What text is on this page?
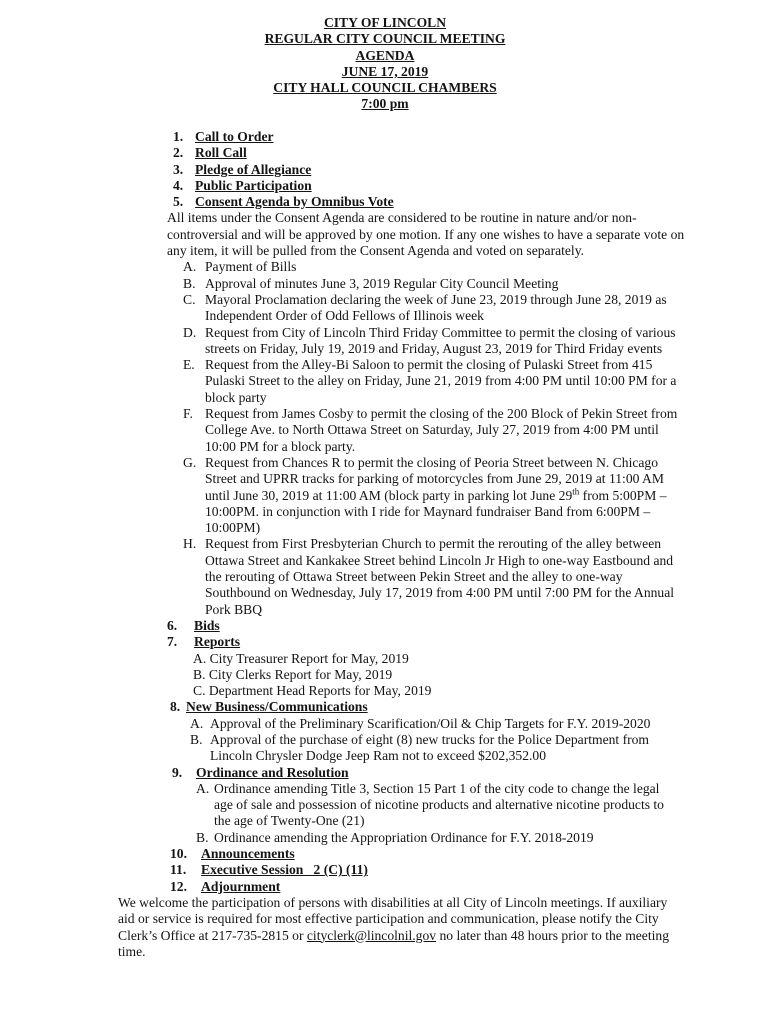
CITY OF LINCOLN
REGULAR CITY COUNCIL MEETING
AGENDA
JUNE 17, 2019
CITY HALL COUNCIL CHAMBERS
7:00 pm
1. Call to Order
2. Roll Call
3. Pledge of Allegiance
4. Public Participation
5. Consent Agenda by Omnibus Vote
All items under the Consent Agenda are considered to be routine in nature and/or non-controversial and will be approved by one motion. If any one wishes to have a separate vote on any item, it will be pulled from the Consent Agenda and voted on separately.
A. Payment of Bills
B. Approval of minutes June 3, 2019 Regular City Council Meeting
C. Mayoral Proclamation declaring the week of June 23, 2019 through June 28, 2019 as Independent Order of Odd Fellows of Illinois week
D. Request from City of Lincoln Third Friday Committee to permit the closing of various streets on Friday, July 19, 2019 and Friday, August 23, 2019 for Third Friday events
E. Request from the Alley-Bi Saloon to permit the closing of Pulaski Street from 415 Pulaski Street to the alley on Friday, June 21, 2019 from 4:00 PM until 10:00 PM for a block party
F. Request from James Cosby to permit the closing of the 200 Block of Pekin Street from College Ave. to North Ottawa Street on Saturday, July 27, 2019 from 4:00 PM until 10:00 PM for a block party.
G. Request from Chances R to permit the closing of Peoria Street between N. Chicago Street and UPRR tracks for parking of motorcycles from June 29, 2019 at 11:00 AM until June 30, 2019 at 11:00 AM (block party in parking lot June 29th from 5:00PM – 10:00PM. in conjunction with I ride for Maynard fundraiser Band from 6:00PM – 10:00PM)
H. Request from First Presbyterian Church to permit the rerouting of the alley between Ottawa Street and Kankakee Street behind Lincoln Jr High to one-way Eastbound and the rerouting of Ottawa Street between Pekin Street and the alley to one-way Southbound on Wednesday, July 17, 2019 from 4:00 PM until 7:00 PM for the Annual Pork BBQ
6. Bids
7. Reports
A. City Treasurer Report for May, 2019
B. City Clerks Report for May, 2019
C. Department Head Reports for May, 2019
8. New Business/Communications
A. Approval of the Preliminary Scarification/Oil & Chip Targets for F.Y. 2019-2020
B. Approval of the purchase of eight (8) new trucks for the Police Department from Lincoln Chrysler Dodge Jeep Ram not to exceed $202,352.00
9. Ordinance and Resolution
A. Ordinance amending Title 3, Section 15 Part 1 of the city code to change the legal age of sale and possession of nicotine products and alternative nicotine products to the age of Twenty-One (21)
B. Ordinance amending the Appropriation Ordinance for F.Y. 2018-2019
10. Announcements
11. Executive Session   2 (C) (11)
12. Adjournment
We welcome the participation of persons with disabilities at all City of Lincoln meetings. If auxiliary aid or service is required for most effective participation and communication, please notify the City Clerk’s Office at 217-735-2815 or cityclerk@lincolnil.gov no later than 48 hours prior to the meeting time.
